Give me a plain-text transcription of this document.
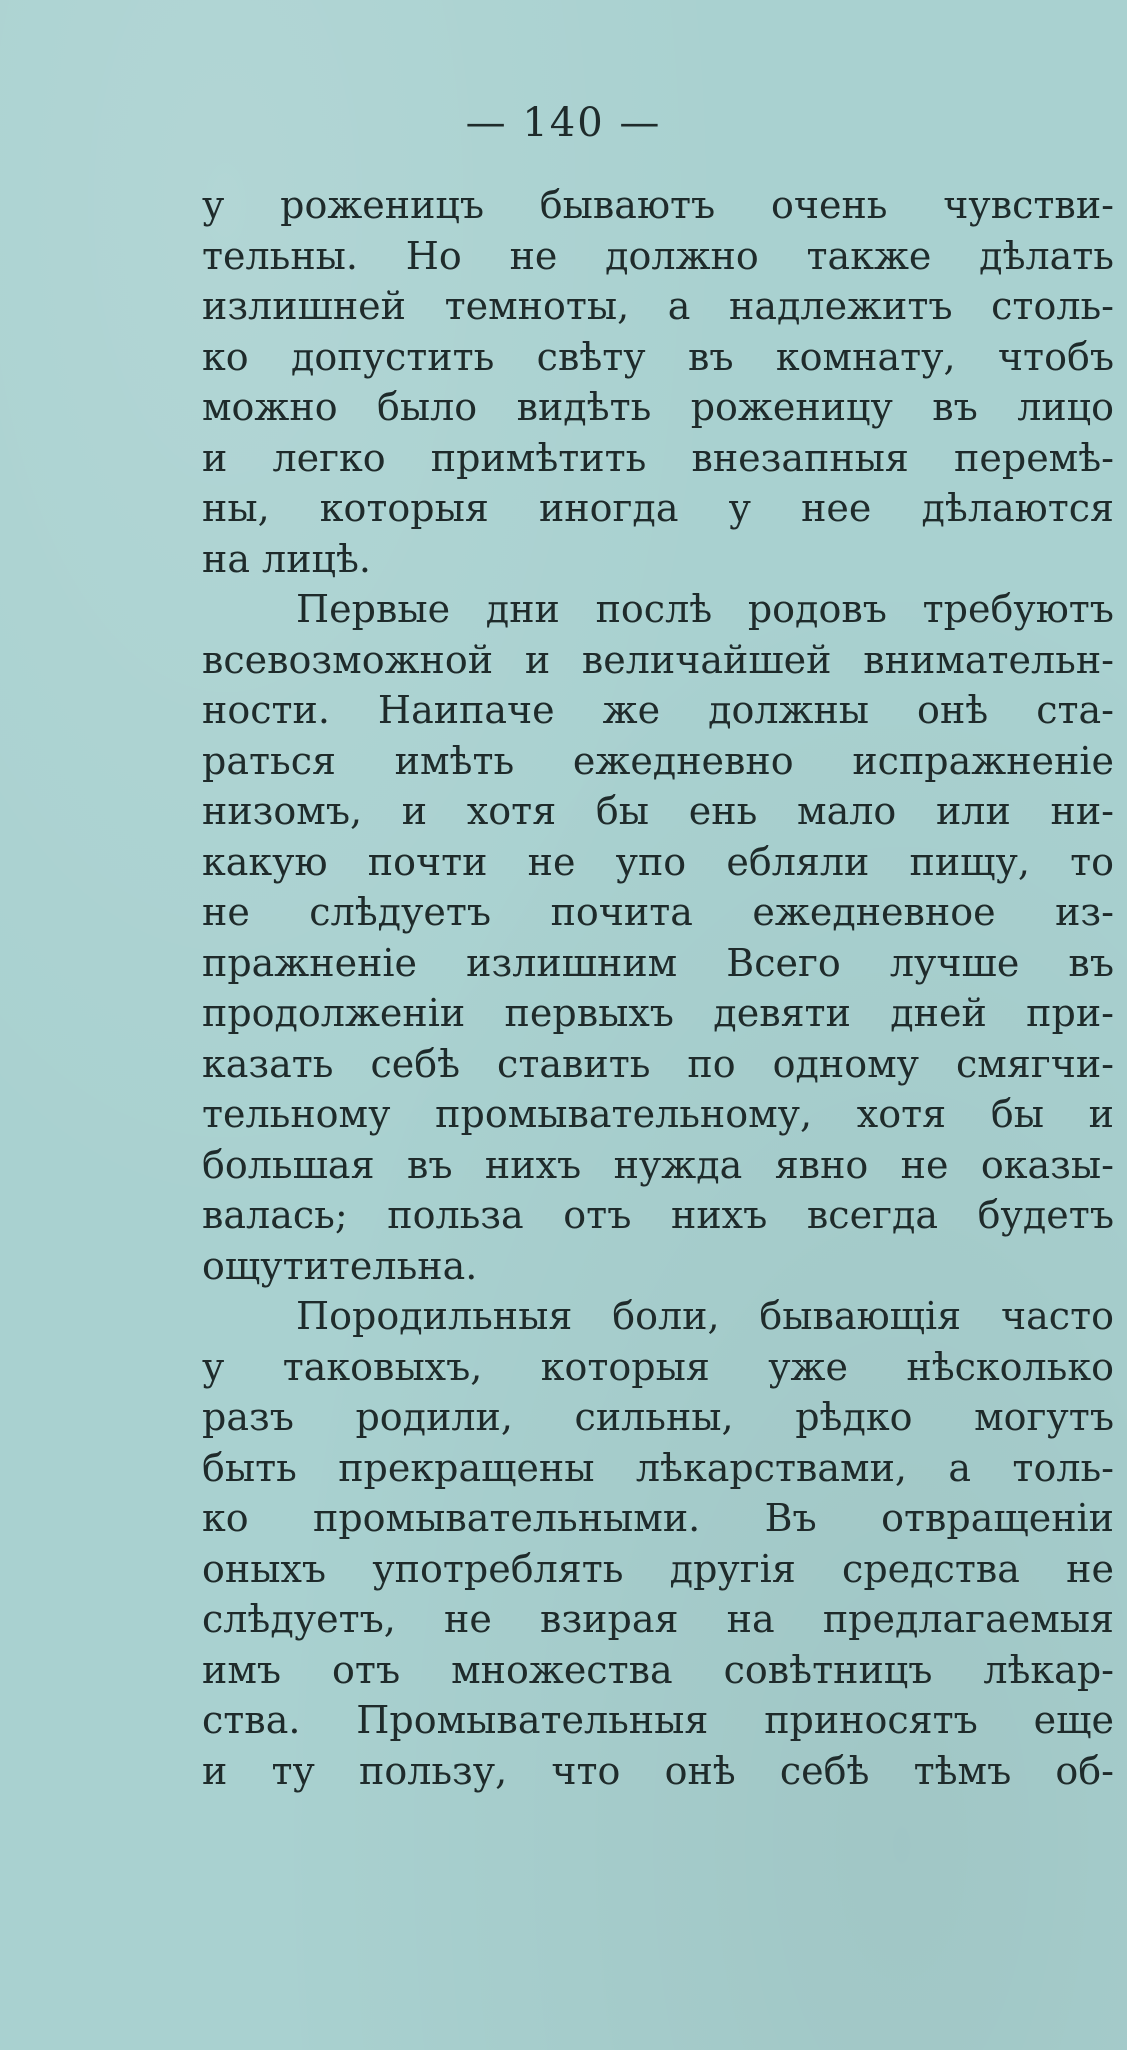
— 140 —
у роженицъ бываютъ очень чувстви-
тельны. Но не должно также дѣлать
излишней темноты, а надлежитъ столь-
ко допустить свѣту въ комнату, чтобъ
можно было видѣть роженицу въ лицо
и легко примѣтить внезапныя перемѣ-
ны, которыя иногда у нее дѣлаются
на лицѣ.
Первые дни послѣ родовъ требуютъ
всевозможной и величайшей внимательн-
ности. Наипаче же должны онѣ ста-
раться имѣть ежедневно испражненіе
низомъ, и хотя бы ень мало или ни-
какую почти не упо ебляли пищу, то
не слѣдуетъ почита ежедневное из-
пражненіе излишним Всего лучше въ
продолженіи первыхъ девяти дней при-
казать себѣ ставить по одному смягчи-
тельному промывательному, хотя бы и
большая въ нихъ нужда явно не оказы-
валась; польза отъ нихъ всегда будетъ
ощутительна.
Породильныя боли, бывающія часто
у таковыхъ, которыя уже нѣсколько
разъ родили, сильны, рѣдко могутъ
быть прекращены лѣкарствами, а толь-
ко промывательными. Въ отвращеніи
оныхъ употреблять другія средства не
слѣдуетъ, не взирая на предлагаемыя
имъ отъ множества совѣтницъ лѣкар-
ства. Промывательныя приносятъ еще
и ту пользу, что онѣ себѣ тѣмъ об-
